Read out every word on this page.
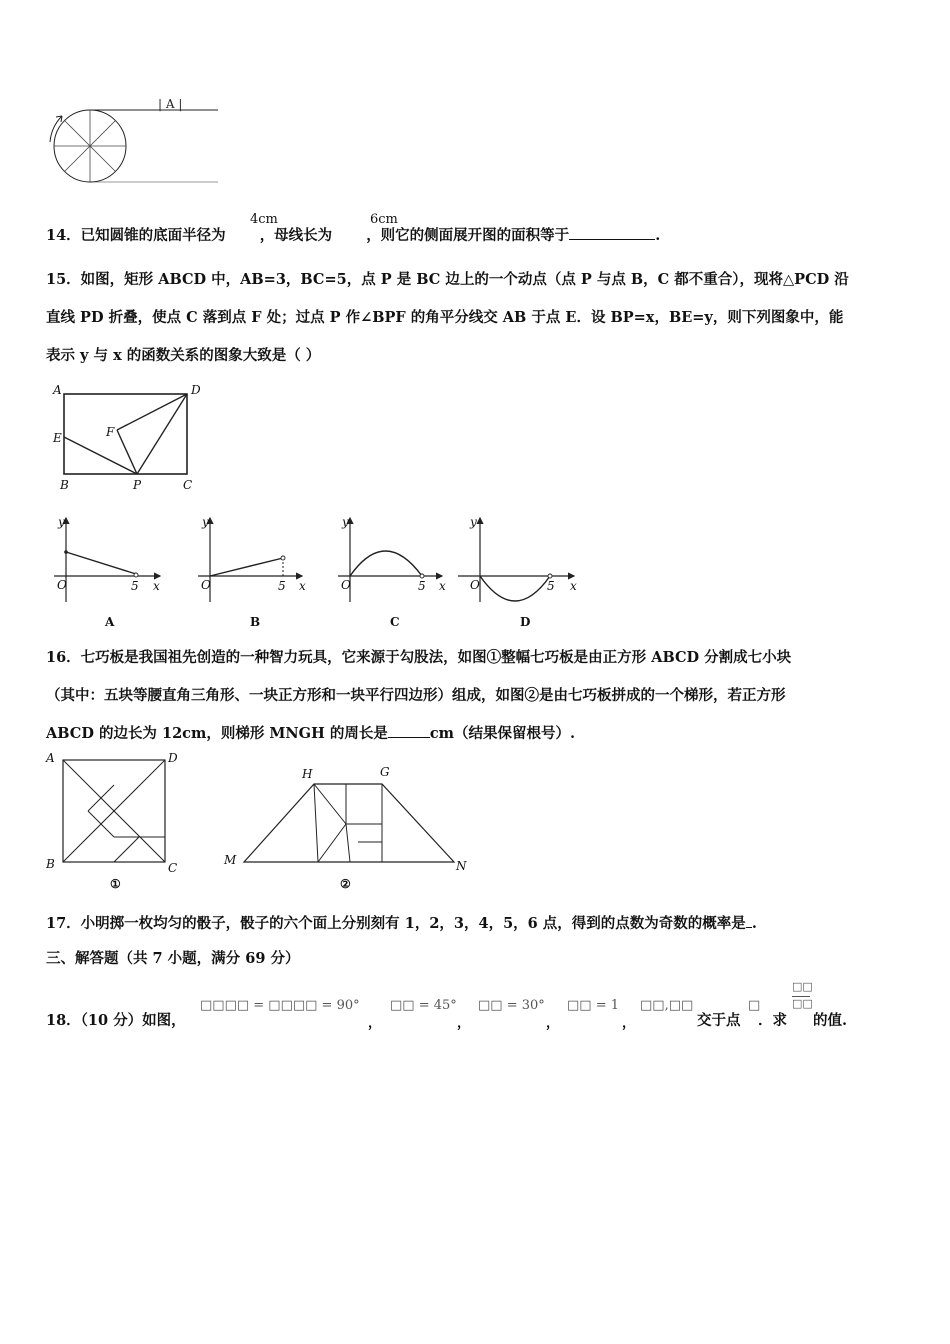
| A |
14．已知圆锥的底面半径为 ，母线长为 ，则它的侧面展开图的面积等于	.
4cm	6cm
15．如图，矩形 ABCD 中，AB=3，BC=5，点 P 是 BC 边上的一个动点（点 P 与点 B，C 都不重合），现将△PCD 沿
直线 PD 折叠，使点 C 落到点 F 处；过点 P 作∠BPF 的角平分线交 AB 于点 E．设 BP=x，BE=y，则下列图象中，能
表示 y 与 x 的函数关系的图象大致是（ ）
A	D
E	F
B	P	C
y
O	5 x
A
y
O	5 x
B
y
O	5 x
C
y
O	5 x
D
16．七巧板是我国祖先创造的一种智力玩具，它来源于勾股法，如图①整幅七巧板是由正方形 ABCD 分割成七小块
（其中：五块等腰直角三角形、一块正方形和一块平行四边形）组成，如图②是由七巧板拼成的一个梯形，若正方形
ABCD 的边长为 12cm，则梯形 MNGH 的周长是	cm（结果保留根号）.
A	D
B	C
①
H	G
M	N
②
17．小明掷一枚均匀的骰子，骰子的六个面上分别刻有 1，2，3，4，5，6 点，得到的点数为奇数的概率是 .
三、解答题（共 7 小题，满分 69 分）
18．（10 分）如图，
□□□□ = □□□□ = 90°
，
□□ = 45°
，
□□ = 30°
，
□□ = 1
，
□□,□□
交于点
□
．求
□□
□□
的值.
